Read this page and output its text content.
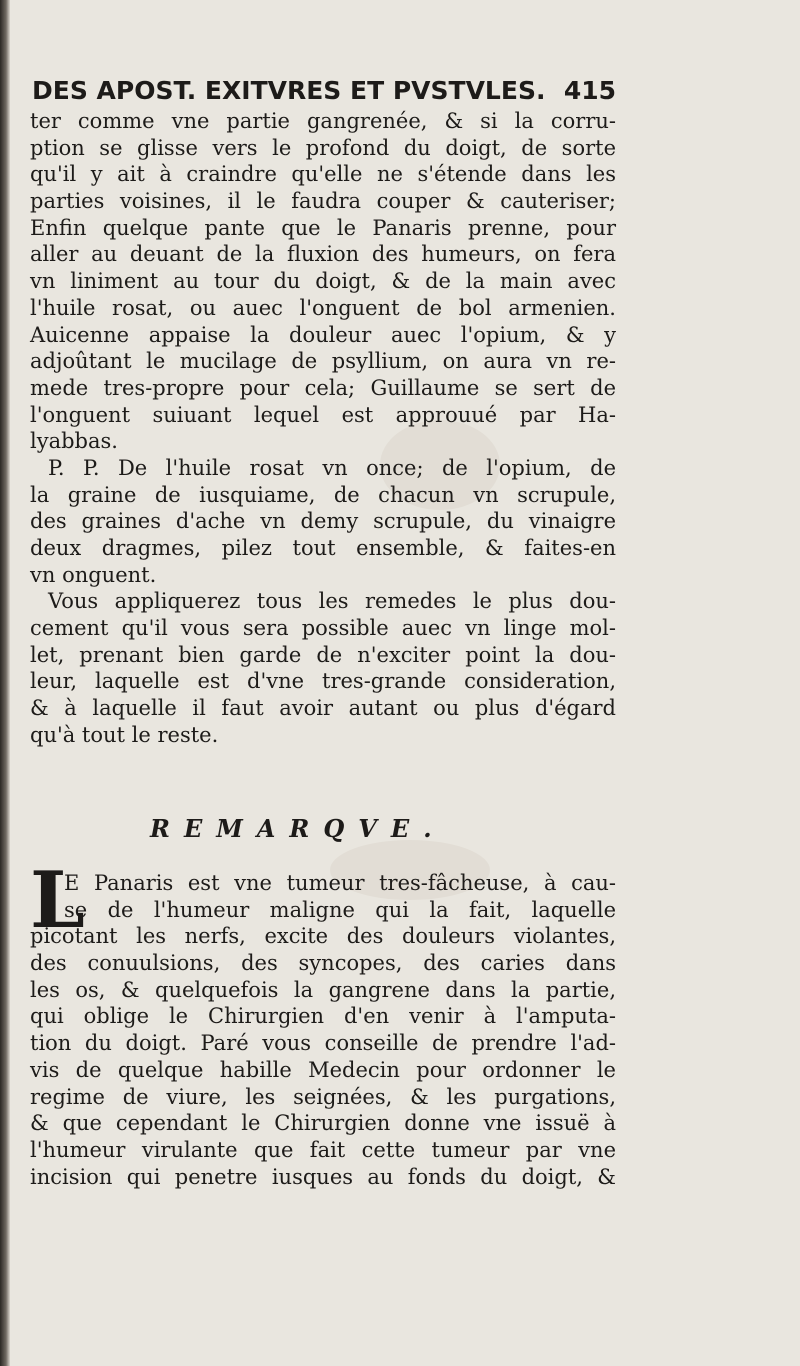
DES APOST. EXITVRES ET PVSTVLES. 415
ter comme vne partie gangrenée, & si la corru-
ption se glisse vers le profond du doigt, de sorte
qu'il y ait à craindre qu'elle ne s'étende dans les
parties voisines, il le faudra couper & cauteriser;
Enfin quelque pante que le Panaris prenne, pour
aller au deuant de la fluxion des humeurs, on fera
vn liniment au tour du doigt, & de la main avec
l'huile rosat, ou auec l'onguent de bol armenien.
Auicenne appaise la douleur auec l'opium, & y
adjoûtant le mucilage de psyllium, on aura vn re-
mede tres-propre pour cela; Guillaume se sert de
l'onguent suiuant lequel est approuué par Ha-
lyabbas.
P. P. De l'huile rosat vn once; de l'opium, de
la graine de iusquiame, de chacun vn scrupule,
des graines d'ache vn demy scrupule, du vinaigre
deux dragmes, pilez tout ensemble, & faites-en
vn onguent.
Vous appliquerez tous les remedes le plus dou-
cement qu'il vous sera possible auec vn linge mol-
let, prenant bien garde de n'exciter point la dou-
leur, laquelle est d'vne tres-grande consideration,
& à laquelle il faut avoir autant ou plus d'égard
qu'à tout le reste.
REMARQVE.
L
E Panaris est vne tumeur tres-fâcheuse, à cau-
se de l'humeur maligne qui la fait, laquelle
picotant les nerfs, excite des douleurs violantes,
des conuulsions, des syncopes, des caries dans
les os, & quelquefois la gangrene dans la partie,
qui oblige le Chirurgien d'en venir à l'amputa-
tion du doigt. Paré vous conseille de prendre l'ad-
vis de quelque habille Medecin pour ordonner le
regime de viure, les seignées, & les purgations,
& que cependant le Chirurgien donne vne issuë à
l'humeur virulante que fait cette tumeur par vne
incision qui penetre iusques au fonds du doigt, &
